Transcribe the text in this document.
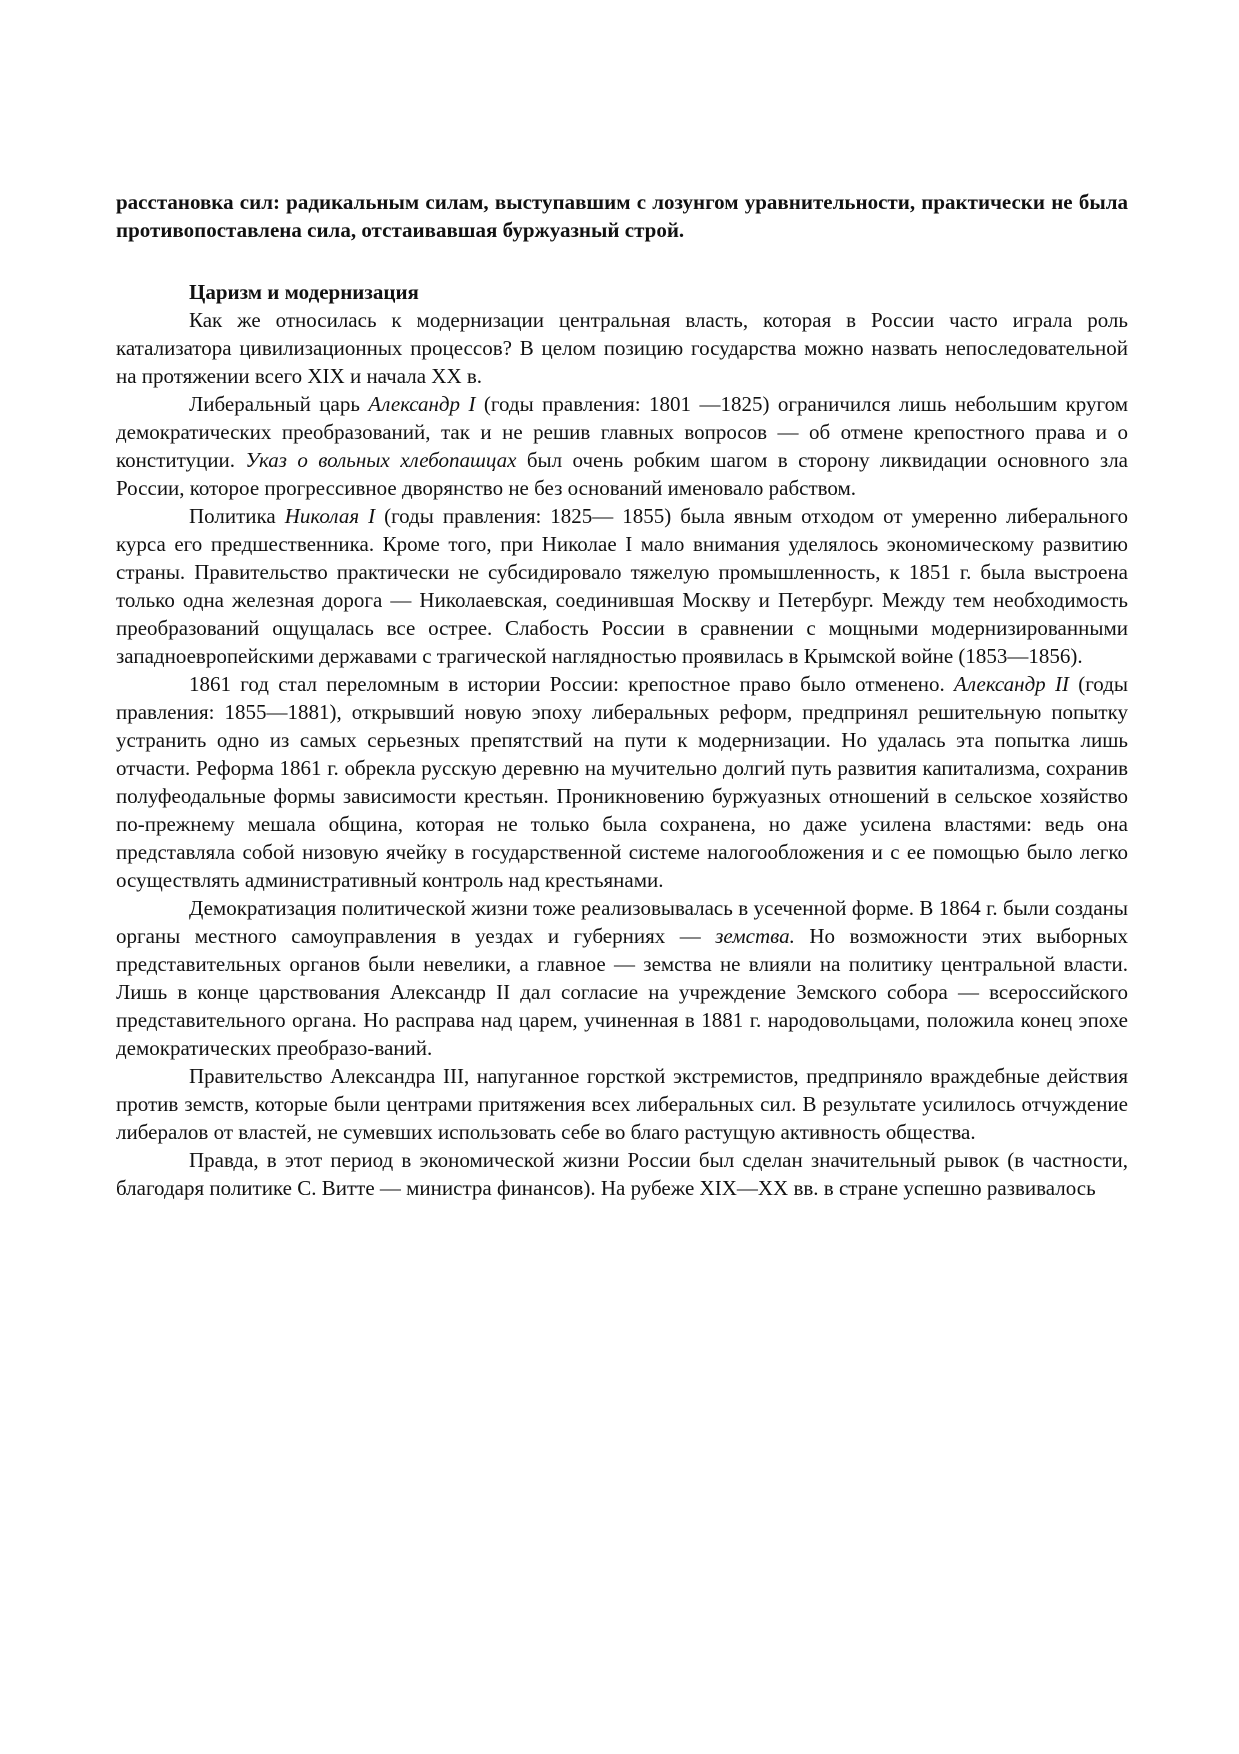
расстановка сил: радикальным силам, выступавшим с лозунгом уравнительности, практически не была противопоставлена сила, отстаивавшая буржуазный строй.

Царизм и модернизация

Как же относилась к модернизации центральная власть, которая в России часто играла роль катализатора цивилизационных процессов? В целом позицию государства можно назвать непоследовательной на протяжении всего XIX и начала XX в.

Либеральный царь Александр I (годы правления: 1801 —1825) ограничился лишь небольшим кругом демократических преобразований, так и не решив главных вопросов — об отмене крепостного права и о конституции. Указ о вольных хлебопашцах был очень робким шагом в сторону ликвидации основного зла России, которое прогрессивное дворянство не без оснований именовало рабством.

Политика Николая I (годы правления: 1825— 1855) была явным отходом от умеренно либерального курса его предшественника. Кроме того, при Николае I мало внимания уделялось экономическому развитию страны. Правительство практически не субсидировало тяжелую промышленность, к 1851 г. была выстроена только одна железная дорога — Николаевская, соединившая Москву и Петербург. Между тем необходимость преобразований ощущалась все острее. Слабость России в сравнении с мощными модернизированными западноевропейскими державами с трагической наглядностью проявилась в Крымской войне (1853—1856).

1861 год стал переломным в истории России: крепостное право было отменено. Александр II (годы правления: 1855—1881), открывший новую эпоху либеральных реформ, предпринял решительную попытку устранить одно из самых серьезных препятствий на пути к модернизации. Но удалась эта попытка лишь отчасти. Реформа 1861 г. обрекла русскую деревню на мучительно долгий путь развития капитализма, сохранив полуфеодальные формы зависимости крестьян. Проникновению буржуазных отношений в сельское хозяйство по-прежнему мешала община, которая не только была сохранена, но даже усилена властями: ведь она представляла собой низовую ячейку в государственной системе налогообложения и с ее помощью было легко осуществлять административный контроль над крестьянами.

Демократизация политической жизни тоже реализовывалась в усеченной форме. В 1864 г. были созданы органы местного самоуправления в уездах и губерниях — земства. Но возможности этих выборных представительных органов были невелики, а главное — земства не влияли на политику центральной власти. Лишь в конце царствования Александр II дал согласие на учреждение Земского собора — всероссийского представительного органа. Но расправа над царем, учиненная в 1881 г. народовольцами, положила конец эпохе демократических преобразо-ваний.

Правительство Александра III, напуганное горсткой экстремистов, предприняло враждебные действия против земств, которые были центрами притяжения всех либеральных сил. В результате усилилось отчуждение либералов от властей, не сумевших использовать себе во благо растущую активность общества.

Правда, в этот период в экономической жизни России был сделан значительный рывок (в частности, благодаря политике С. Витте — министра финансов). На рубеже XIX—XX вв. в стране успешно развивалось
